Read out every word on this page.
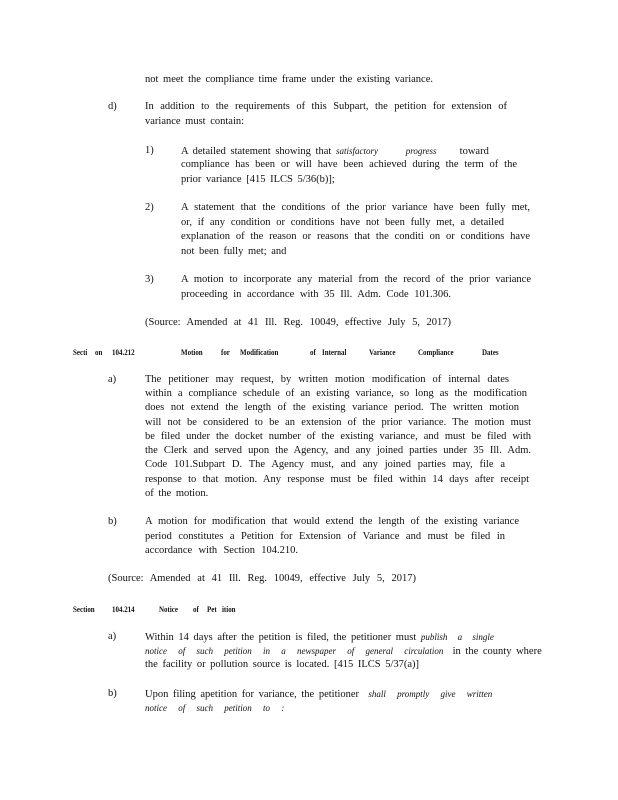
not meet the compliance time frame under the existing variance.
d)	In addition to the requirements of this Subpart, the petition for extension of
variance must contain:
1)	A detailed statement showing that satisfactory	progress toward
compliance has been or will have been achieved during the term of the
prior variance [415 ILCS 5/36(b)];
2)	A statement that the conditions of the prior variance have been fully met,
or, if any condition or conditions have not been fully met, a detailed
explanation of the reason or reasons that the conditi on or conditions have
not been fully met; and
3)	A motion to incorporate any material from the record of the prior variance
proceeding in accordance with 35 Ill. Adm. Code 101.306.
(Source: Amended at 41 Ill. Reg. 10049, effective July 5, 2017)
Secti on 104.212	Motion for Modification	of Internal	Variance	Compliance	Dates
a)	The petitioner may request, by written motion modification of internal dates
within a compliance schedule of an existing variance, so long as the modification
does not extend the length of the existing variance period. The written motion
will not be considered to be an extension of the prior variance. The motion must
be filed under the docket number of the existing variance, and must be filed with
the Clerk and served upon the Agency, and any joined parties under 35 Ill. Adm.
Code 101.Subpart D. The Agency must, and any joined parties may, file a
response to that motion. Any response must be filed within 14 days after receipt
of the motion.
b)	A motion for modification that would extend the length of the existing variance
period constitutes a Petition for Extension of Variance and must be filed in
accordance with Section 104.210.
(Source: Amended at 41 Ill. Reg. 10049, effective July 5, 2017)
Section 104.214	Notice of Pet ition
a)	Within 14 days after the petition is filed, the petitioner must publish a single
notice of such petition in a newspaper of general circulation in the county where
the facility or pollution source is located. [415 ILCS 5/37(a)]
b)	Upon filing apetition for variance, the petitioner shall promptly give written
notice of such petition to :
